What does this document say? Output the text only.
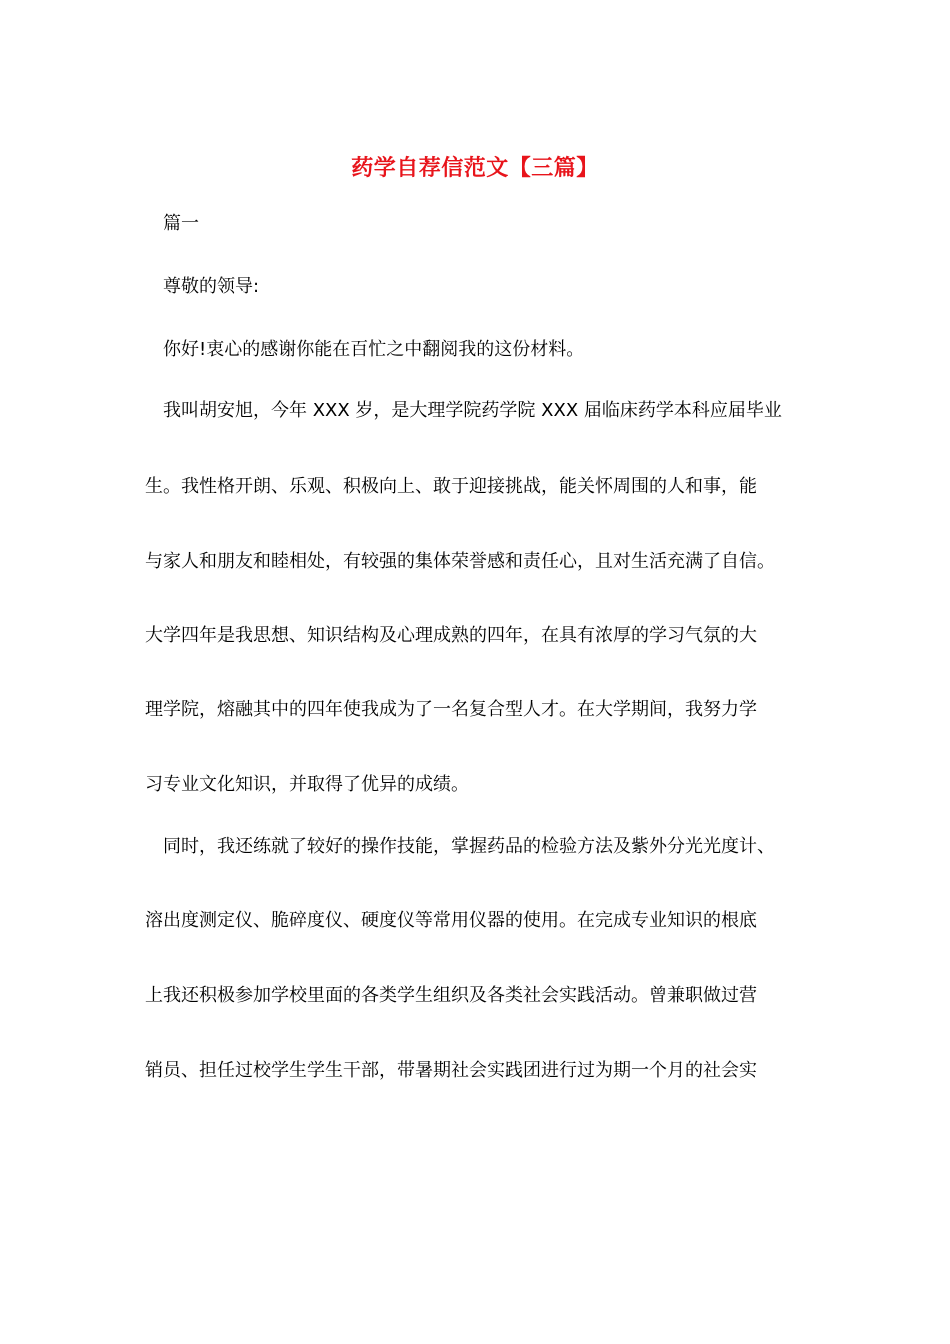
药学自荐信范文【三篇】
篇一
尊敬的领导:
你好!衷心的感谢你能在百忙之中翻阅我的这份材料。
我叫胡安旭，今年 XXX 岁，是大理学院药学院 XXX 届临床药学本科应届毕业
生。我性格开朗、乐观、积极向上、敢于迎接挑战，能关怀周围的人和事，能
与家人和朋友和睦相处，有较强的集体荣誉感和责任心，且对生活充满了自信。
大学四年是我思想、知识结构及心理成熟的四年，在具有浓厚的学习气氛的大
理学院，熔融其中的四年使我成为了一名复合型人才。在大学期间，我努力学
习专业文化知识，并取得了优异的成绩。
同时，我还练就了较好的操作技能，掌握药品的检验方法及紫外分光光度计、
溶出度测定仪、脆碎度仪、硬度仪等常用仪器的使用。在完成专业知识的根底
上我还积极参加学校里面的各类学生组织及各类社会实践活动。曾兼职做过营
销员、担任过校学生学生干部，带暑期社会实践团进行过为期一个月的社会实
